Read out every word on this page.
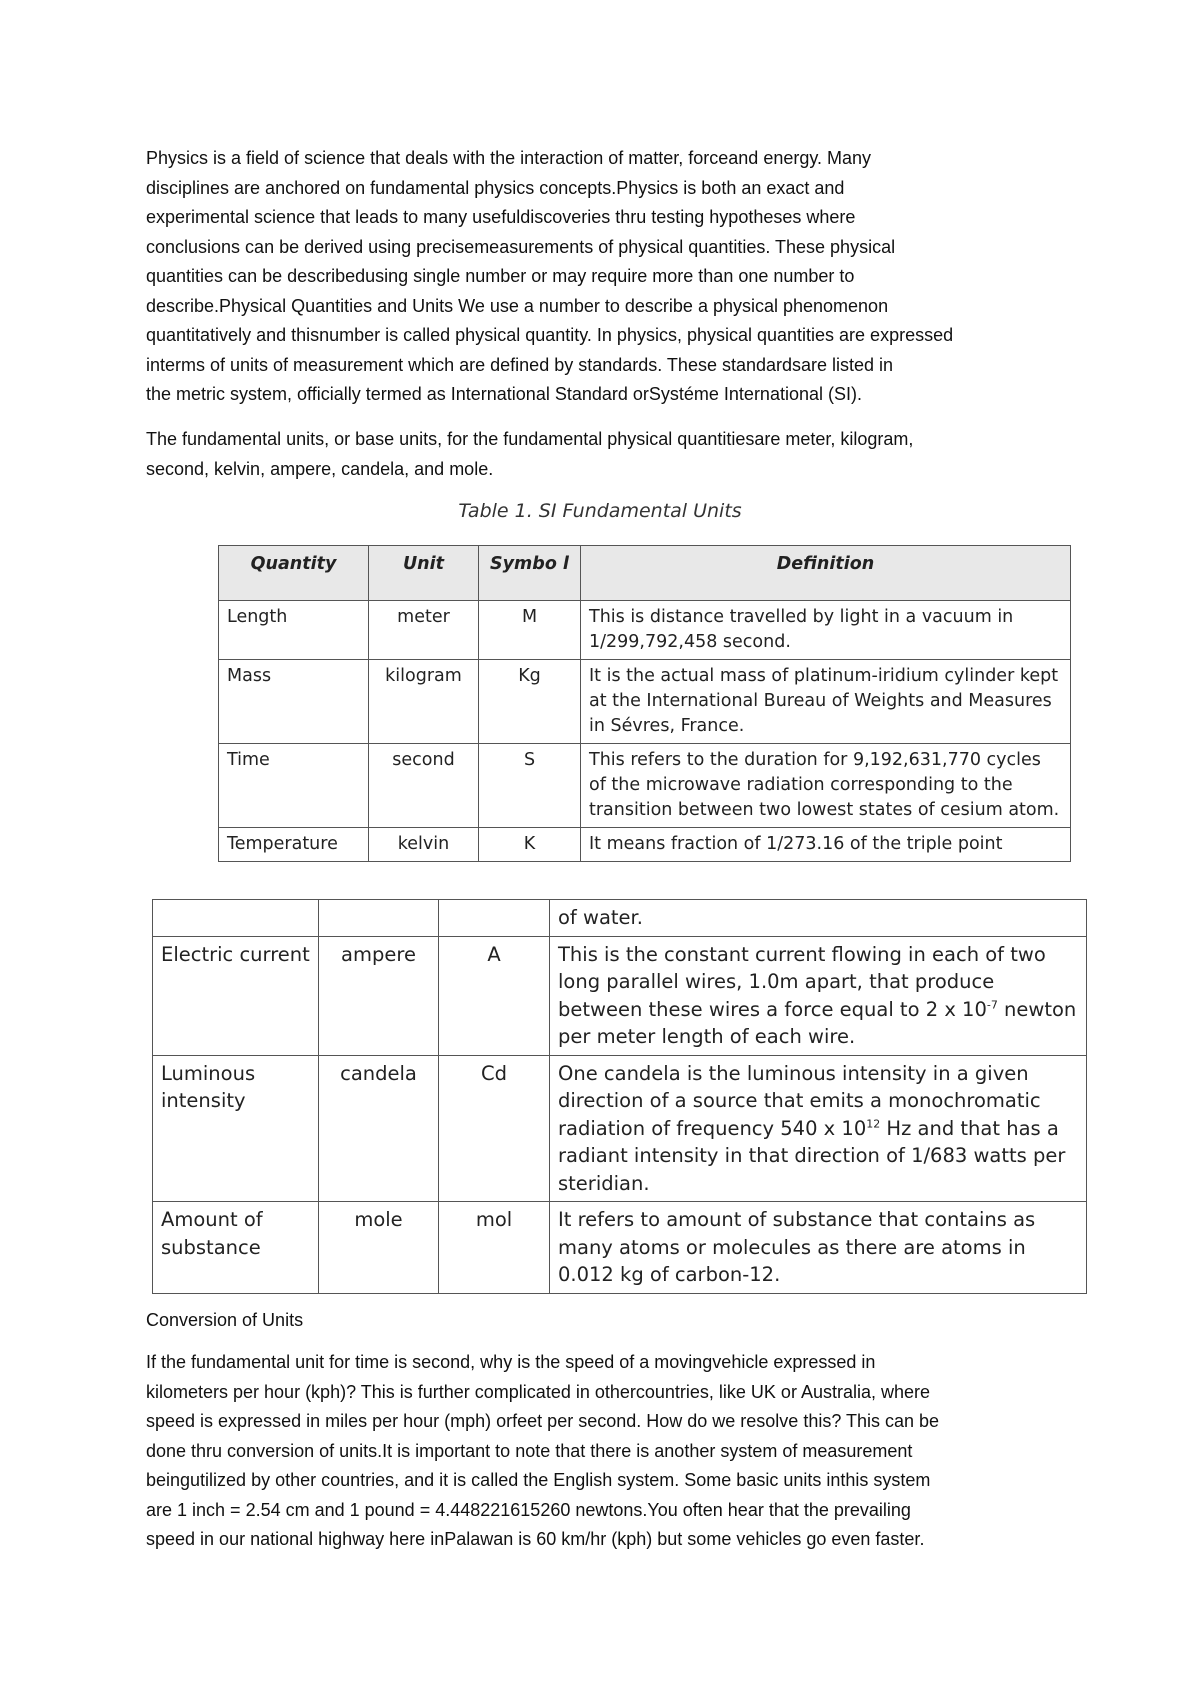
Physics is a field of science that deals with the interaction of matter, forceand energy. Many
disciplines are anchored on fundamental physics concepts.Physics is both an exact and
experimental science that leads to many usefuldiscoveries thru testing hypotheses where
conclusions can be derived using precisemeasurements of physical quantities. These physical
quantities can be describedusing single number or may require more than one number to
describe.Physical Quantities and Units We use a number to describe a physical phenomenon
quantitatively and thisnumber is called physical quantity. In physics, physical quantities are expressed
interms of units of measurement which are defined by standards. These standardsare listed in
the metric system, officially termed as International Standard orSystéme International (SI).
The fundamental units, or base units, for the fundamental physical quantitiesare meter, kilogram,
second, kelvin, ampere, candela, and mole.
Table 1. SI Fundamental Units
Quantity	Unit	Symbo l	Definition
Length	meter	M	This is distance travelled by light in a vacuum in 1/299,792,458 second.
Mass	kilogram	Kg	It is the actual mass of platinum-iridium cylinder kept at the International Bureau of Weights and Measures in Sévres, France.
Time	second	S	This refers to the duration for 9,192,631,770 cycles of the microwave radiation corresponding to the transition between two lowest states of cesium atom.
Temperature	kelvin	K	It means fraction of 1/273.16 of the triple point
			of water.
Electric current	ampere	A	This is the constant current flowing in each of two long parallel wires, 1.0m apart, that produce between these wires a force equal to 2 x $10^{-7}$ newton per meter length of each wire.
Luminous intensity	candela	Cd	One candela is the luminous intensity in a given direction of a source that emits a monochromatic radiation of frequency 540 x $10^{12}$ Hz and that has a radiant intensity in that direction of 1/683 watts per steridian.
Amount of substance	mole	mol	It refers to amount of substance that contains as many atoms or molecules as there are atoms in 0.012 kg of carbon-12.
Conversion of Units
If the fundamental unit for time is second, why is the speed of a movingvehicle expressed in
kilometers per hour (kph)? This is further complicated in othercountries, like UK or Australia, where
speed is expressed in miles per hour (mph) orfeet per second. How do we resolve this? This can be
done thru conversion of units.It is important to note that there is another system of measurement
beingutilized by other countries, and it is called the English system. Some basic units inthis system
are 1 inch = 2.54 cm and 1 pound = 4.448221615260 newtons.You often hear that the prevailing
speed in our national highway here inPalawan is 60 km/hr (kph) but some vehicles go even faster.
